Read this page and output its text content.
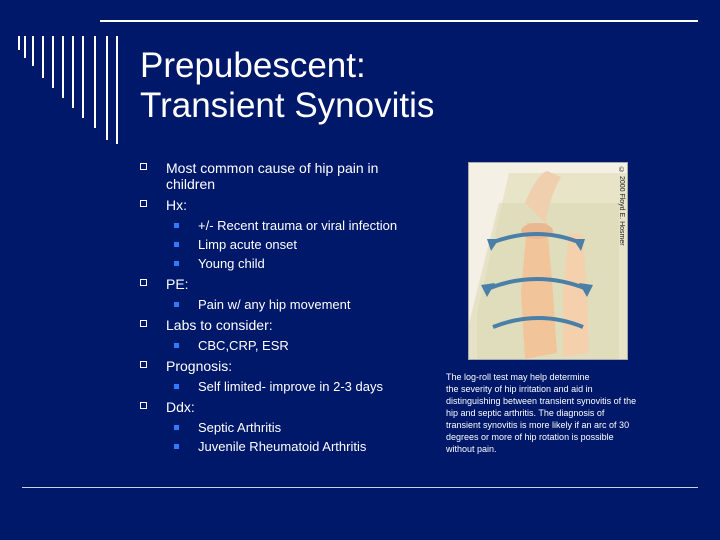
Prepubescent:
Transient Synovitis
Most common cause of hip pain in children
Hx:
+/- Recent trauma or viral infection
Limp acute onset
Young child
PE:
Pain w/ any hip movement
Labs to consider:
CBC,CRP, ESR
Prognosis:
Self limited- improve in 2-3 days
Ddx:
Septic Arthritis
Juvenile Rheumatoid Arthritis
© 2000 Floyd E. Hosmer
The log-roll test may help determine
the severity of hip irritation and aid in
distinguishing between transient synovitis of the
hip and septic arthritis. The diagnosis of
transient synovitis is more likely if an arc of 30
degrees or more of hip rotation is possible
without pain.
